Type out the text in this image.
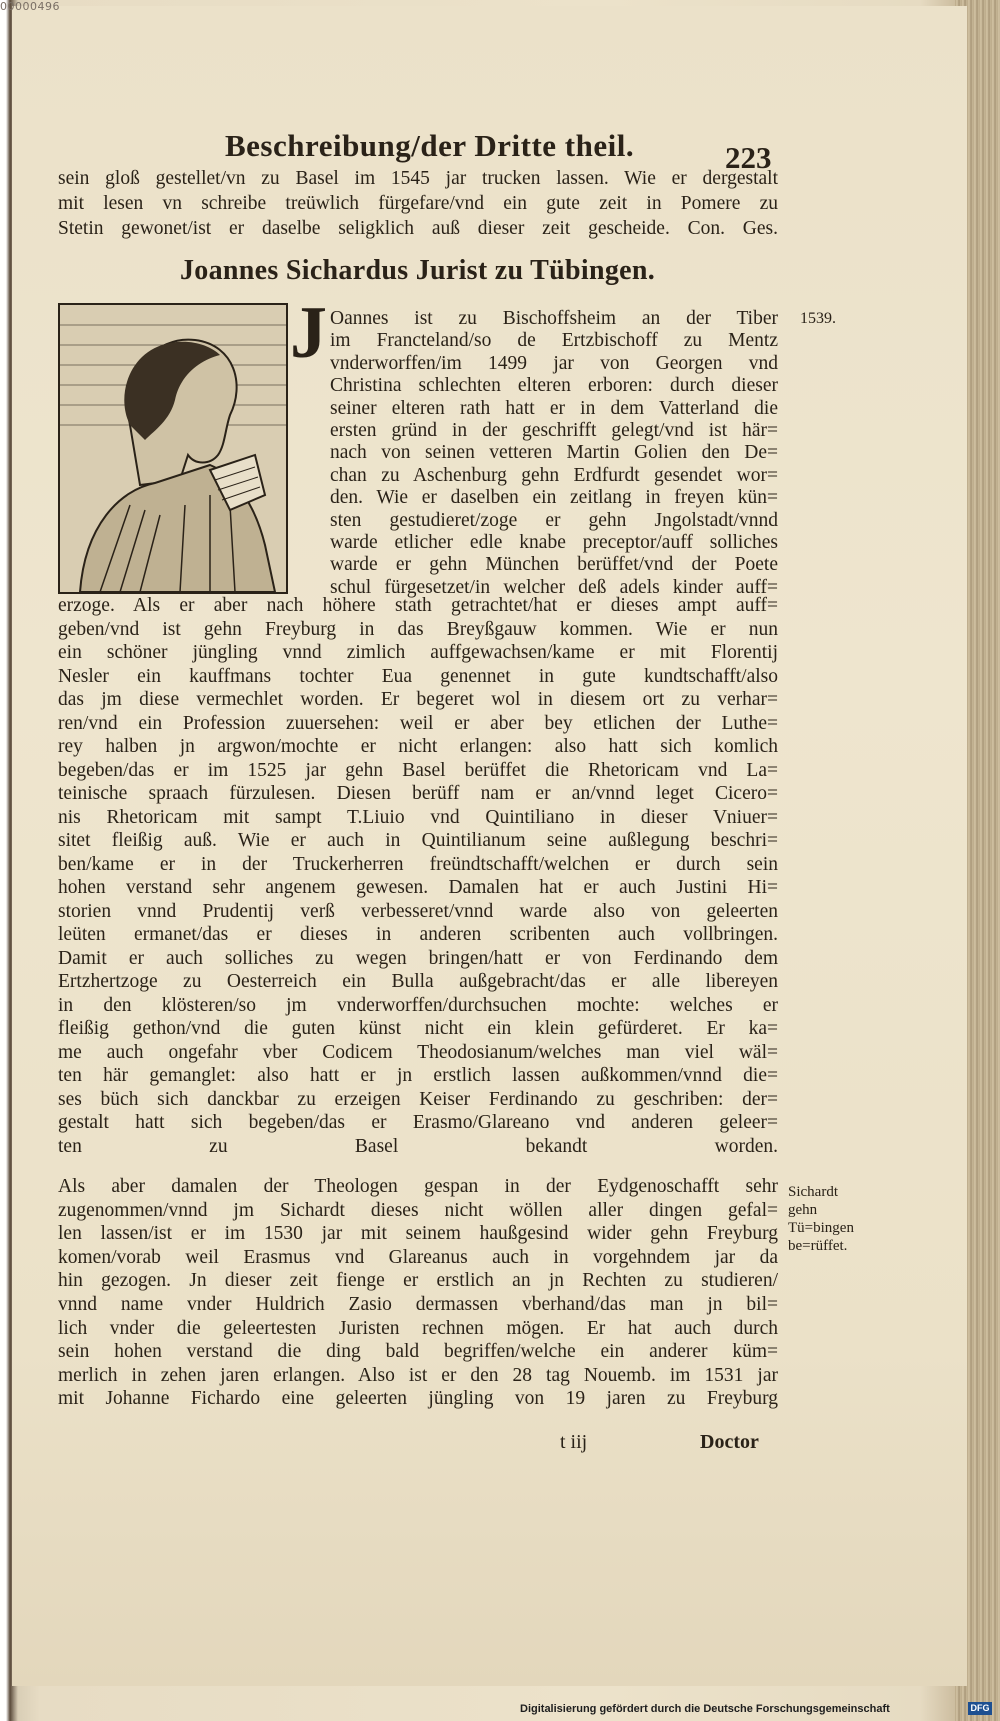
00000496
Beschreibung/der Dritte theil.	223
sein gloß gestellet/vn zu Basel im 1545 jar trucken lassen. Wie er dergestalt
mit lesen vn schreibe treüwlich fürgefare/vnd ein gute zeit in Pomere zu
Stetin gewonet/ist er daselbe seligklich auß dieser zeit gescheide. Con. Ges.
Joannes Sichardus Jurist zu Tübingen.
J	1539.
Oannes ist zu Bischoffsheim an der Tiber
im Francteland/so de Ertzbischoff zu Mentz
vnderworffen/im 1499 jar von Georgen vnd
Christina schlechten elteren erboren: durch dieser
seiner elteren rath hatt er in dem Vatterland die
ersten gründ in der geschrifft gelegt/vnd ist här=
nach von seinen vetteren Martin Golien den De=
chan zu Aschenburg gehn Erdfurdt gesendet wor=
den. Wie er daselben ein zeitlang in freyen kün=
sten gestudieret/zoge er gehn Jngolstadt/vnnd
warde etlicher edle knabe preceptor/auff solliches
warde er gehn München berüffet/vnd der Poete
schul fürgesetzet/in welcher deß adels kinder auff=
erzoge. Als er aber nach höhere stath getrachtet/hat er dieses ampt auff=
geben/vnd ist gehn Freyburg in das Breyßgauw kommen. Wie er nun
ein schöner jüngling vnnd zimlich auffgewachsen/kame er mit Florentij
Nesler ein kauffmans tochter Eua genennet in gute kundtschafft/also
das jm diese vermechlet worden. Er begeret wol in diesem ort zu verhar=
ren/vnd ein Profession zuuersehen: weil er aber bey etlichen der Luthe=
rey halben jn argwon/mochte er nicht erlangen: also hatt sich komlich
begeben/das er im 1525 jar gehn Basel berüffet die Rhetoricam vnd La=
teinische spraach fürzulesen. Diesen berüff nam er an/vnnd leget Cicero=
nis Rhetoricam mit sampt T.Liuio vnd Quintiliano in dieser Vniuer=
sitet fleißig auß. Wie er auch in Quintilianum seine außlegung beschri=
ben/kame er in der Truckerherren freündtschafft/welchen er durch sein
hohen verstand sehr angenem gewesen. Damalen hat er auch Justini Hi=
storien vnnd Prudentij verß verbesseret/vnnd warde also von geleerten
leüten ermanet/das er dieses in anderen scribenten auch vollbringen.
Damit er auch solliches zu wegen bringen/hatt er von Ferdinando dem
Ertzhertzoge zu Oesterreich ein Bulla außgebracht/das er alle libereyen
in den klösteren/so jm vnderworffen/durchsuchen mochte: welches er
fleißig gethon/vnd die guten künst nicht ein klein gefürderet. Er ka=
me auch ongefahr vber Codicem Theodosianum/welches man viel wäl=
ten här gemanglet: also hatt er jn erstlich lassen außkommen/vnnd die=
ses büch sich danckbar zu erzeigen Keiser Ferdinando zu geschriben: der=
gestalt hatt sich begeben/das er Erasmo/Glareano vnd anderen geleer=
ten zu Basel bekandt worden.
Als aber damalen der Theologen gespan in der Eydgenoschafft sehr
zugenommen/vnnd jm Sichardt dieses nicht wöllen aller dingen gefal=
len lassen/ist er im 1530 jar mit seinem haußgesind wider gehn Freyburg
komen/vorab weil Erasmus vnd Glareanus auch in vorgehndem jar da
hin gezogen. Jn dieser zeit fienge er erstlich an jn Rechten zu studieren/
vnnd name vnder Huldrich Zasio dermassen vberhand/das man jn bil=
lich vnder die geleertesten Juristen rechnen mögen. Er hat auch durch
sein hohen verstand die ding bald begriffen/welche ein anderer küm=
merlich in zehen jaren erlangen. Also ist er den 28 tag Nouemb. im 1531 jar
mit Johanne Fichardo eine geleerten jüngling von 19 jaren zu Freyburg
Sichardt gehn Tü=bingen be=rüffet.
t iij	Doctor
Digitalisierung gefördert durch die Deutsche Forschungsgemeinschaft	DFG
